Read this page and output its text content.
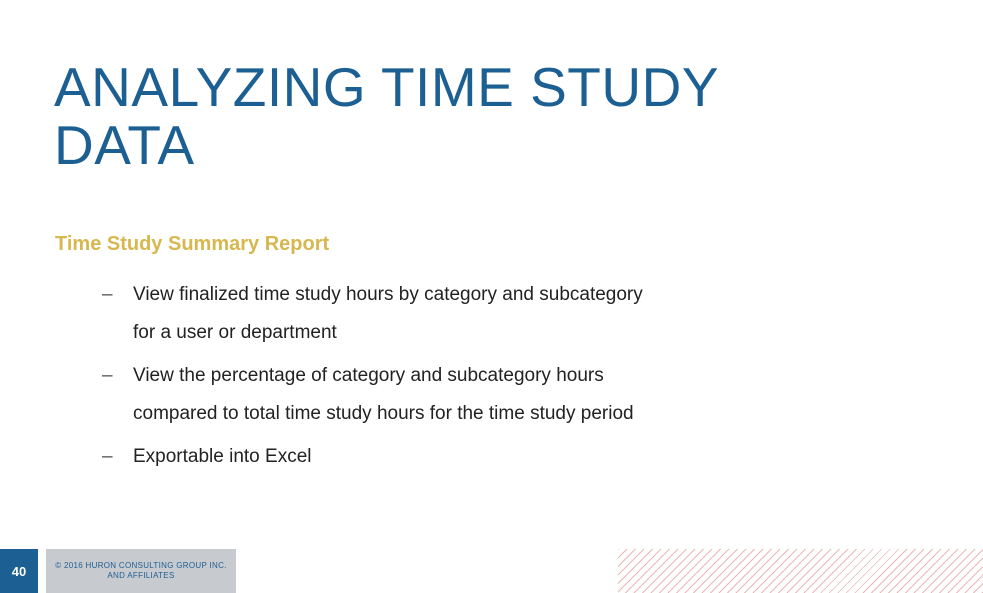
ANALYZING TIME STUDY
DATA
Time Study Summary Report
– View finalized time study hours by category and subcategory
for a user or department
– View the percentage of category and subcategory hours
compared to total time study hours for the time study period
– Exportable into Excel
40	© 2016 HURON CONSULTING GROUP INC.
AND AFFILIATES
